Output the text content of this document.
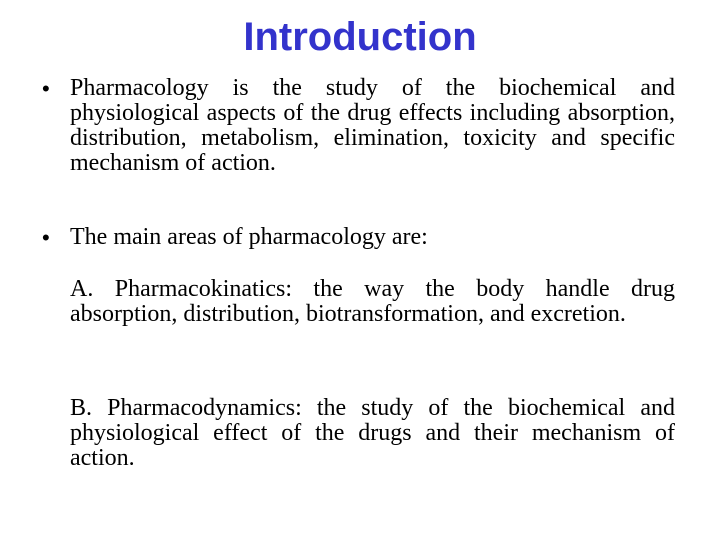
Introduction
• Pharmacology is the study of the biochemical and physiological aspects of the drug effects including absorption, distribution, metabolism, elimination, toxicity and specific mechanism of action.
• The main areas of pharmacology are:
A. Pharmacokinatics: the way the body handle drug absorption, distribution, biotransformation, and excretion.
B. Pharmacodynamics: the study of the biochemical and physiological effect of the drugs and their mechanism of action.
